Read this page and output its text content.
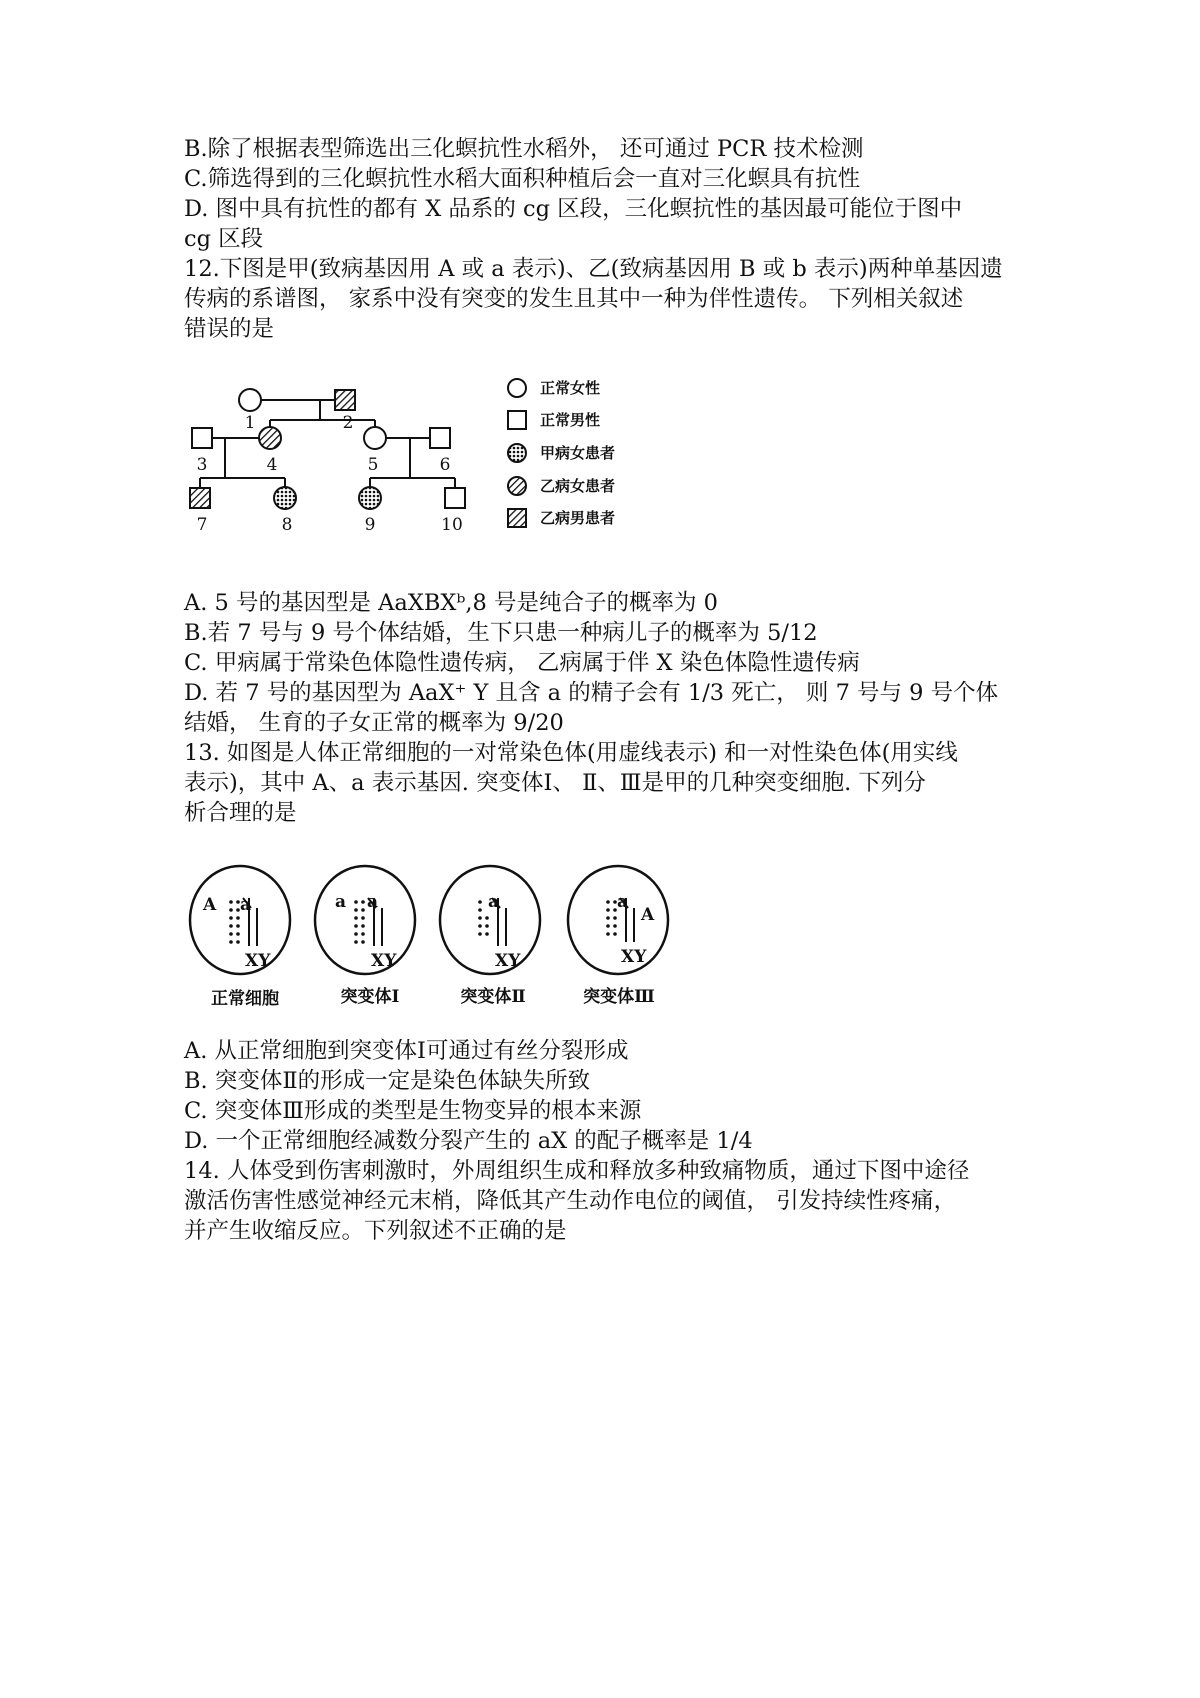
B.除了根据表型筛选出三化螟抗性水稻外， 还可通过 PCR 技术检测
C.筛选得到的三化螟抗性水稻大面积种植后会一直对三化螟具有抗性
D. 图中具有抗性的都有 X 品系的 cg 区段，三化螟抗性的基因最可能位于图中
cg 区段
12.下图是甲(致病基因用 A 或 a 表示)、乙(致病基因用 B 或 b 表示)两种单基因遗
传病的系谱图， 家系中没有突变的发生且其中一种为伴性遗传。 下列相关叙述
错误的是
1	2
3	4	5	6
7	8	9	10
正常女性
正常男性
甲病女患者
乙病女患者
乙病男患者
A. 5 号的基因型是 AaXBXᵇ,8 号是纯合子的概率为 0
B.若 7 号与 9 号个体结婚，生下只患一种病儿子的概率为 5/12
C. 甲病属于常染色体隐性遗传病， 乙病属于伴 X 染色体隐性遗传病
D. 若 7 号的基因型为 AaX⁺ Y 且含 a 的精子会有 1/3 死亡， 则 7 号与 9 号个体
结婚， 生育的子女正常的概率为 9/20
13. 如图是人体正常细胞的一对常染色体(用虚线表示) 和一对性染色体(用实线
表示)，其中 A、a 表示基因. 突变体Ⅰ、 Ⅱ、Ⅲ是甲的几种突变细胞. 下列分
析合理的是
A a	a a	a	a
A
XY	XY	XY	XY
正常细胞	突变体Ⅰ	突变体Ⅱ	突变体Ⅲ
A. 从正常细胞到突变体Ⅰ可通过有丝分裂形成
B. 突变体Ⅱ的形成一定是染色体缺失所致
C. 突变体Ⅲ形成的类型是生物变异的根本来源
D. 一个正常细胞经减数分裂产生的 aX 的配子概率是 1/4
14. 人体受到伤害刺激时，外周组织生成和释放多种致痛物质，通过下图中途径
激活伤害性感觉神经元末梢，降低其产生动作电位的阈值， 引发持续性疼痛，
并产生收缩反应。下列叙述不正确的是
